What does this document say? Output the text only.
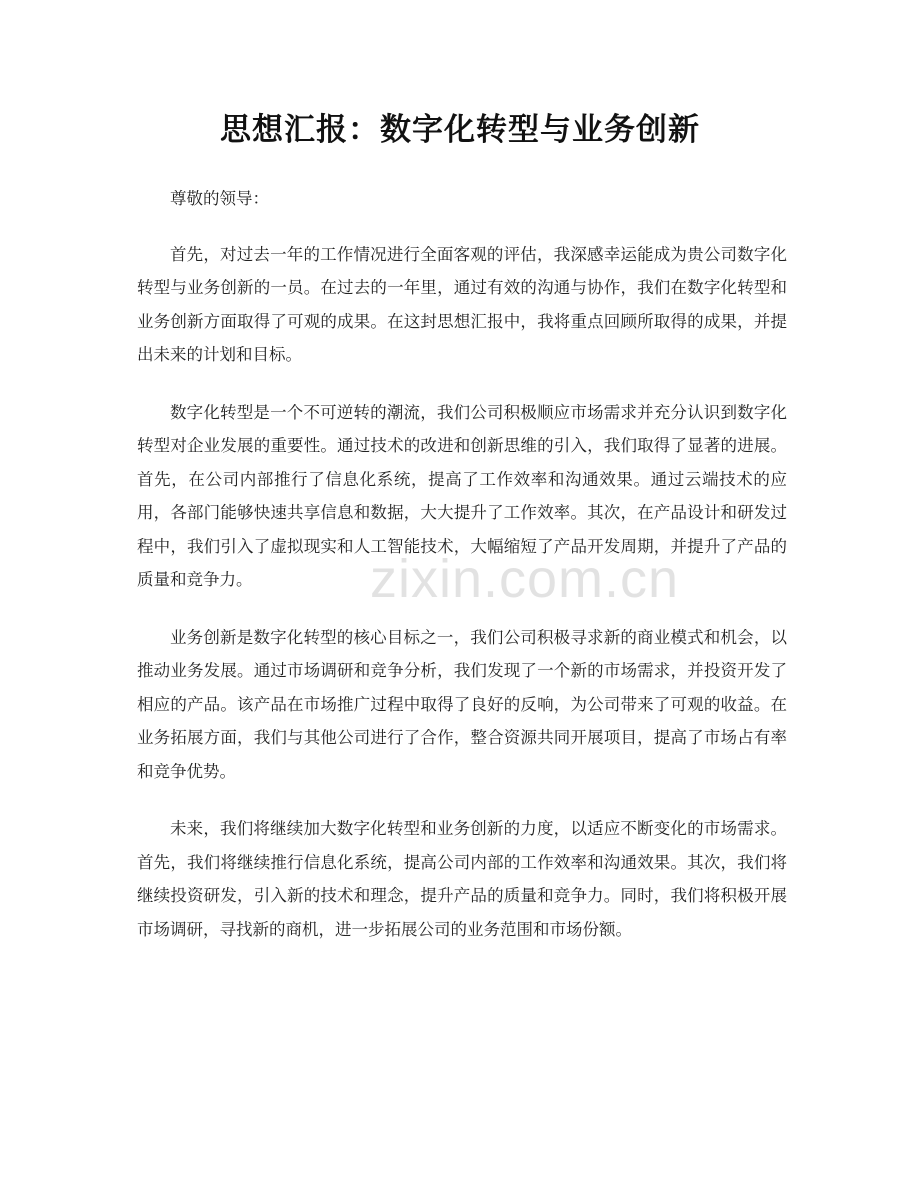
思想汇报：数字化转型与业务创新

尊敬的领导：

首先，对过去一年的工作情况进行全面客观的评估，我深感幸运能成为贵公司数字化转型与业务创新的一员。在过去的一年里，通过有效的沟通与协作，我们在数字化转型和业务创新方面取得了可观的成果。在这封思想汇报中，我将重点回顾所取得的成果，并提出未来的计划和目标。

数字化转型是一个不可逆转的潮流，我们公司积极顺应市场需求并充分认识到数字化转型对企业发展的重要性。通过技术的改进和创新思维的引入，我们取得了显著的进展。首先，在公司内部推行了信息化系统，提高了工作效率和沟通效果。通过云端技术的应用，各部门能够快速共享信息和数据，大大提升了工作效率。其次，在产品设计和研发过程中，我们引入了虚拟现实和人工智能技术，大幅缩短了产品开发周期，并提升了产品的质量和竞争力。

业务创新是数字化转型的核心目标之一，我们公司积极寻求新的商业模式和机会，以推动业务发展。通过市场调研和竞争分析，我们发现了一个新的市场需求，并投资开发了相应的产品。该产品在市场推广过程中取得了良好的反响，为公司带来了可观的收益。在业务拓展方面，我们与其他公司进行了合作，整合资源共同开展项目，提高了市场占有率和竞争优势。

未来，我们将继续加大数字化转型和业务创新的力度，以适应不断变化的市场需求。首先，我们将继续推行信息化系统，提高公司内部的工作效率和沟通效果。其次，我们将继续投资研发，引入新的技术和理念，提升产品的质量和竞争力。同时，我们将积极开展市场调研，寻找新的商机，进一步拓展公司的业务范围和市场份额。

zixin.com.cn
